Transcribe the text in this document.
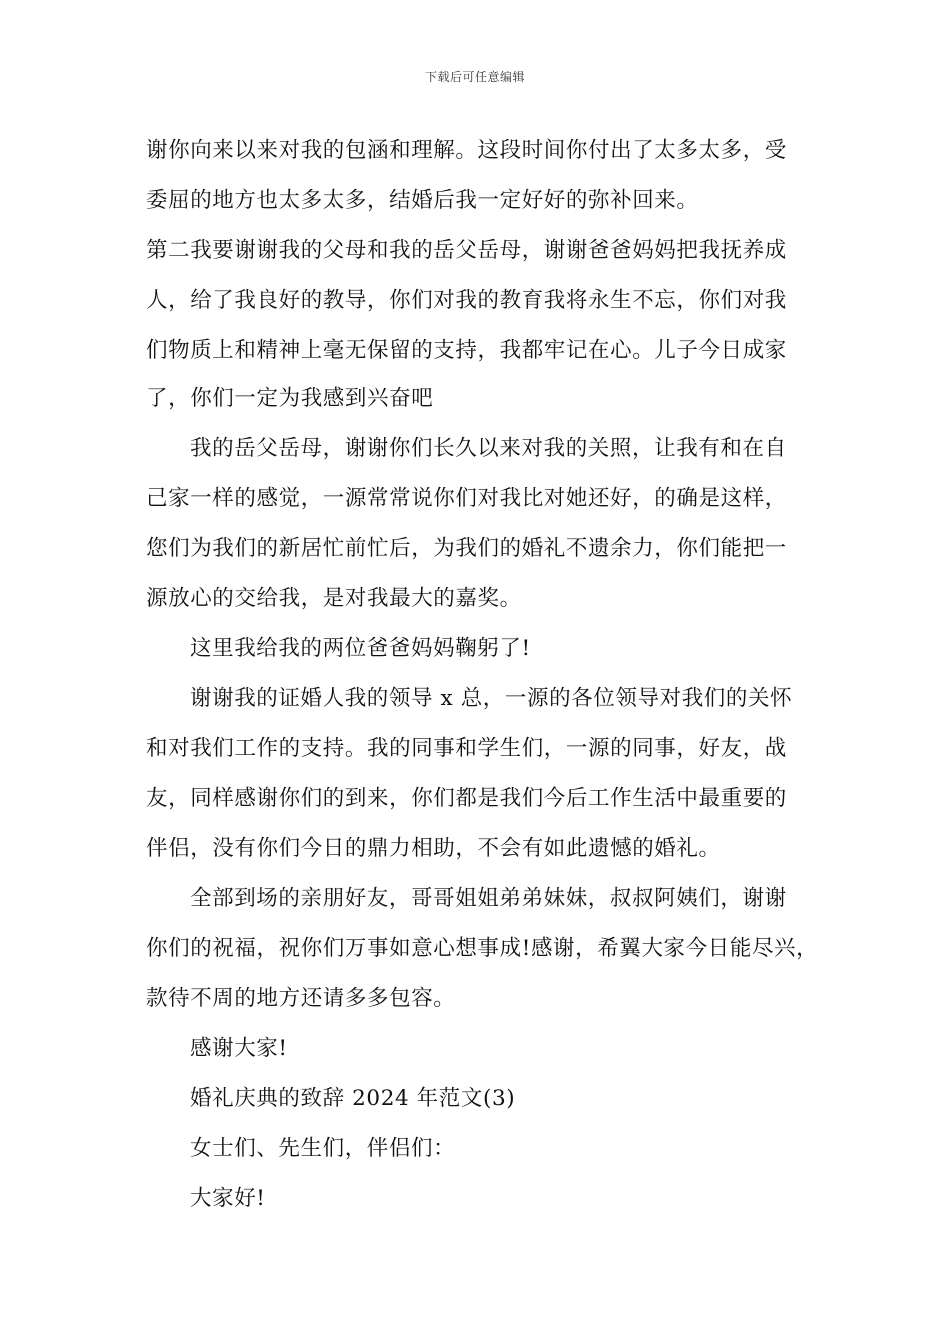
下载后可任意编辑
谢你向来以来对我的包涵和理解。这段时间你付出了太多太多，受
委屈的地方也太多太多，结婚后我一定好好的弥补回来。
第二我要谢谢我的父母和我的岳父岳母，谢谢爸爸妈妈把我抚养成
人，给了我良好的教导，你们对我的教育我将永生不忘，你们对我
们物质上和精神上毫无保留的支持，我都牢记在心。儿子今日成家
了，你们一定为我感到兴奋吧
我的岳父岳母，谢谢你们长久以来对我的关照，让我有和在自
己家一样的感觉，一源常常说你们对我比对她还好，的确是这样，
您们为我们的新居忙前忙后，为我们的婚礼不遗余力，你们能把一
源放心的交给我，是对我最大的嘉奖。
这里我给我的两位爸爸妈妈鞠躬了!
谢谢我的证婚人我的领导 x 总，一源的各位领导对我们的关怀
和对我们工作的支持。我的同事和学生们，一源的同事，好友，战
友，同样感谢你们的到来，你们都是我们今后工作生活中最重要的
伴侣，没有你们今日的鼎力相助，不会有如此遗憾的婚礼。
全部到场的亲朋好友，哥哥姐姐弟弟妹妹，叔叔阿姨们，谢谢
你们的祝福，祝你们万事如意心想事成!感谢，希翼大家今日能尽兴，
款待不周的地方还请多多包容。
感谢大家!
婚礼庆典的致辞 2024 年范文(3)
女士们、先生们，伴侣们：
大家好!
